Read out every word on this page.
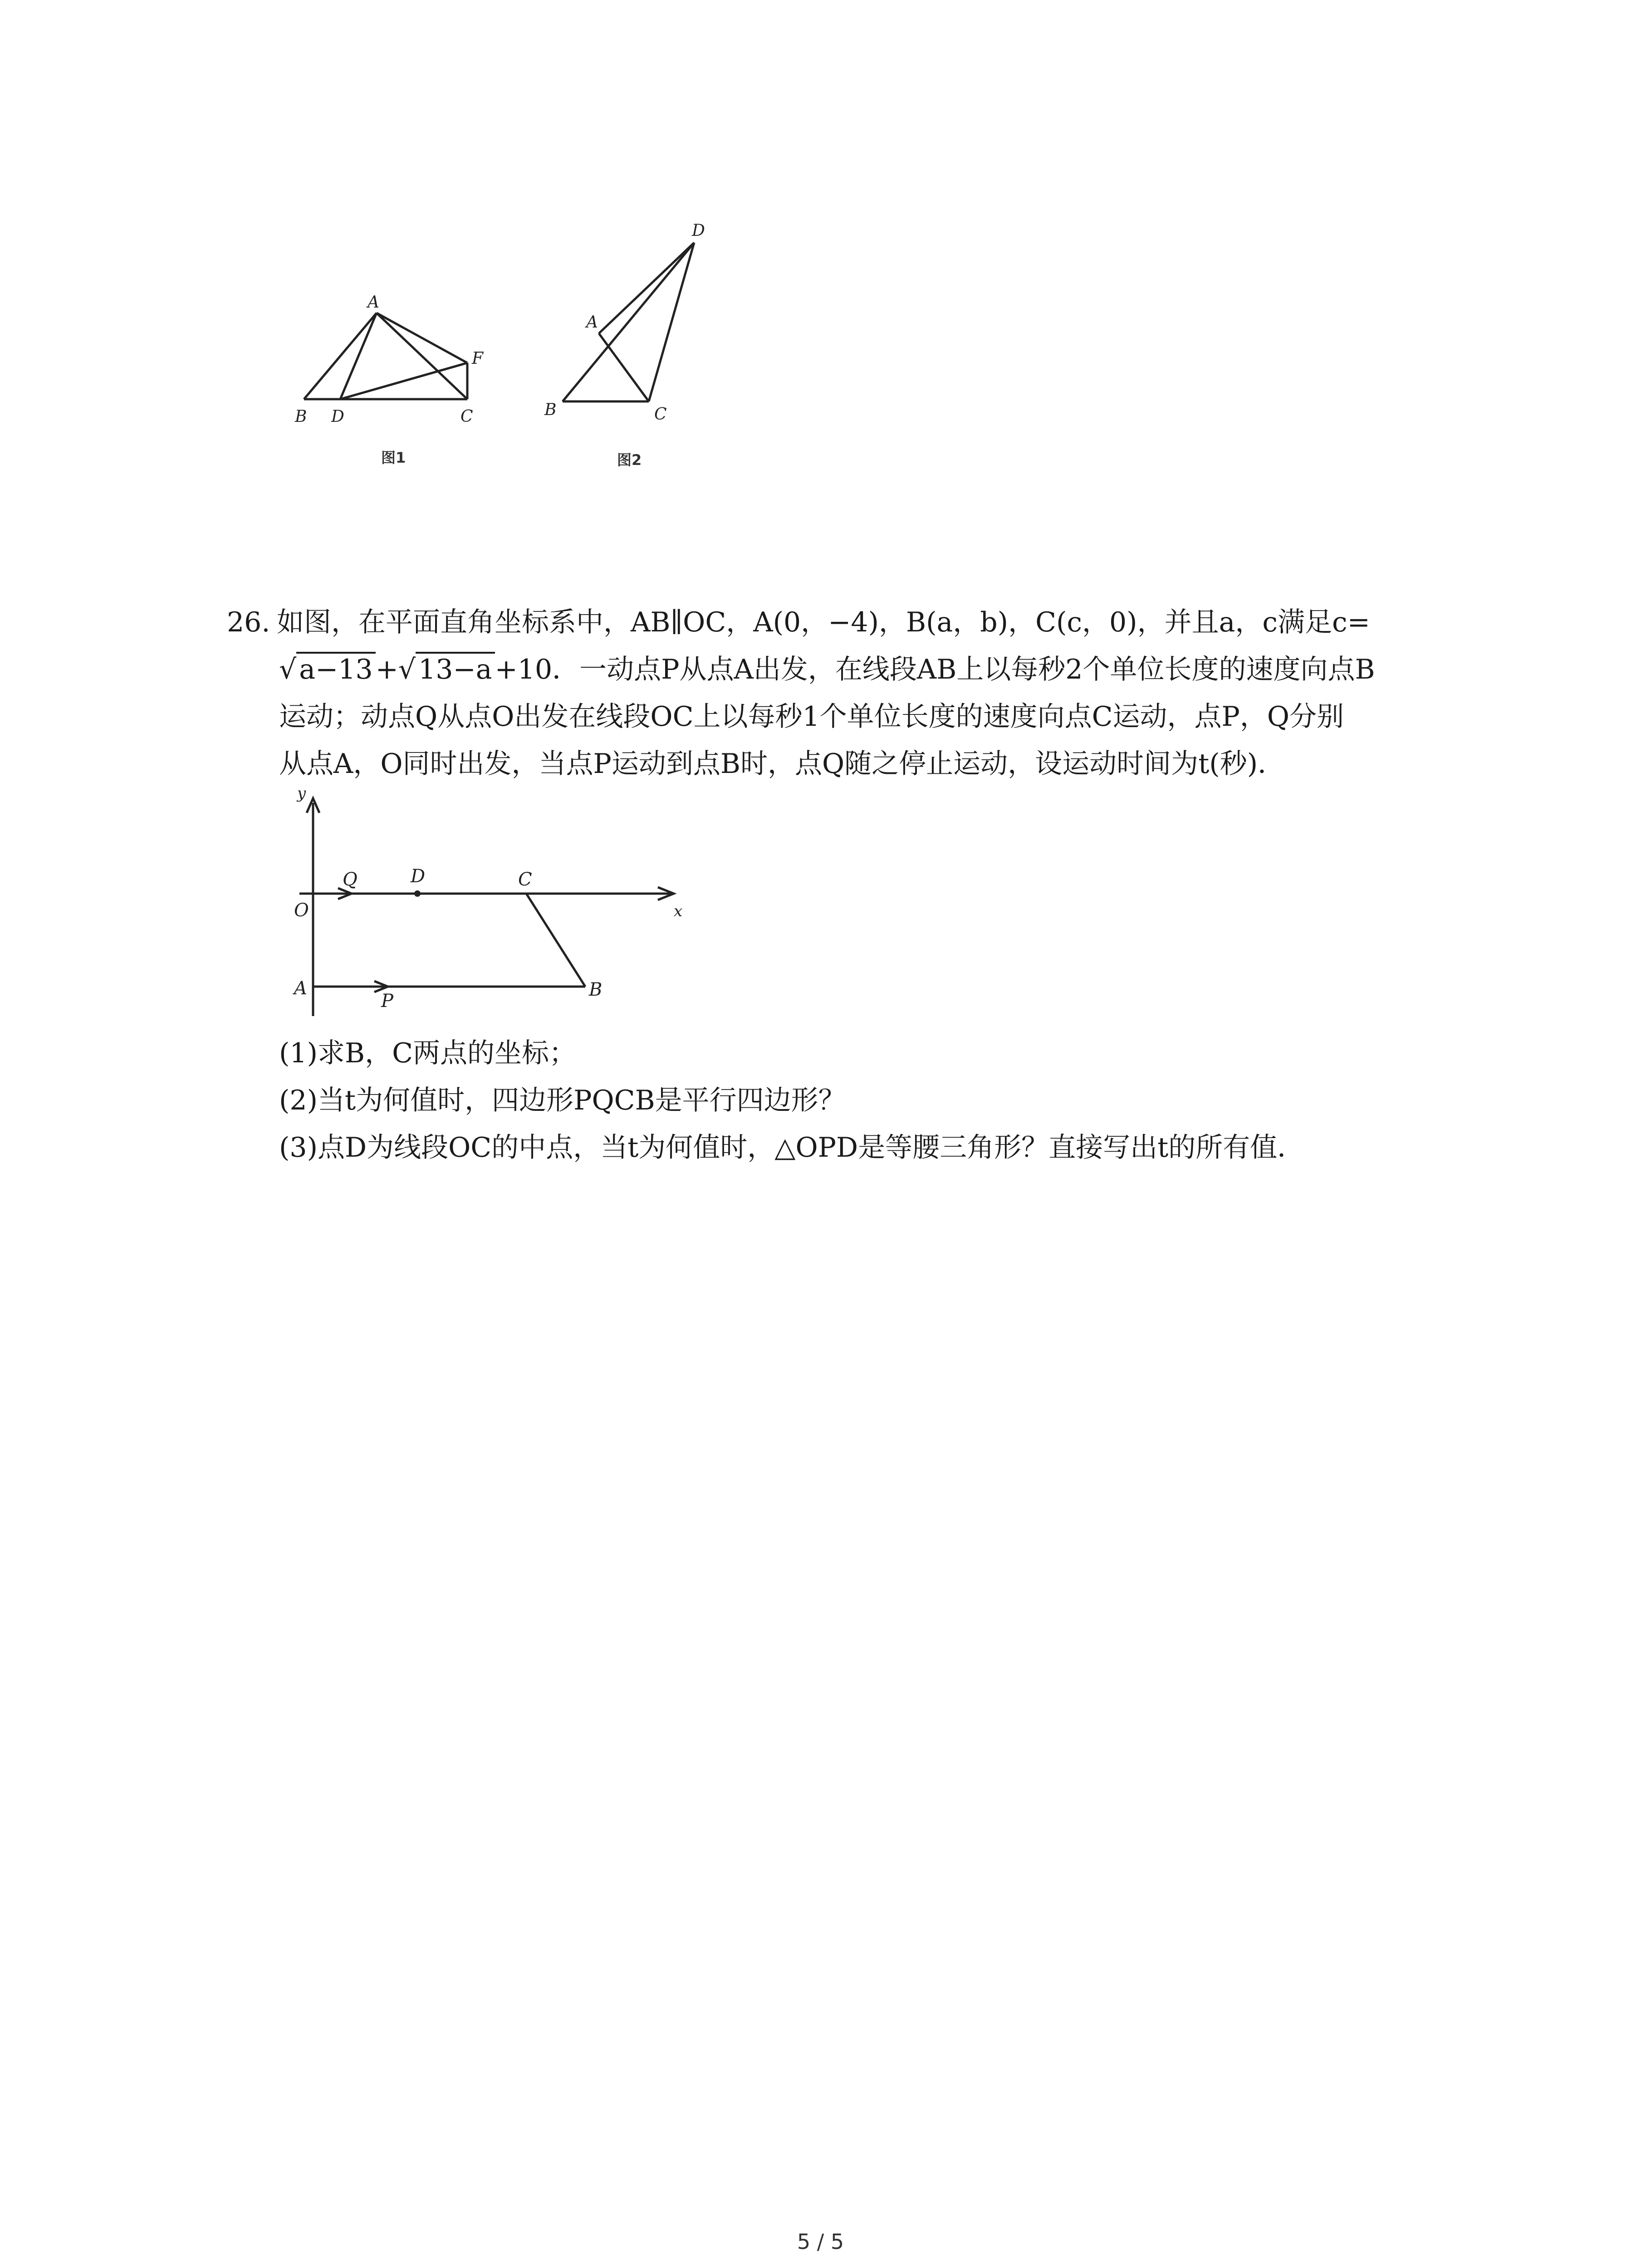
A
B D	C
F
图1
D
A
B	C
图2
26. 如图，在平面直角坐标系中，AB∥OC，A(0，−4)，B(a，b)，C(c，0)，并且a，c满足c=
√ a−13 +√ 13−a +10．一动点P从点A出发，在线段AB上以每秒2个单位长度的速度向点B
运动；动点Q从点O出发在线段OC上以每秒1个单位长度的速度向点C运动，点P，Q分别
从点A，O同时出发，当点P运动到点B时，点Q随之停止运动，设运动时间为t(秒)．
y
x
O
Q	D	C
A
P
B
(1)求B，C两点的坐标；
(2)当t为何值时，四边形PQCB是平行四边形？
(3)点D为线段OC的中点，当t为何值时，△OPD是等腰三角形？直接写出t的所有值．
5 / 5
